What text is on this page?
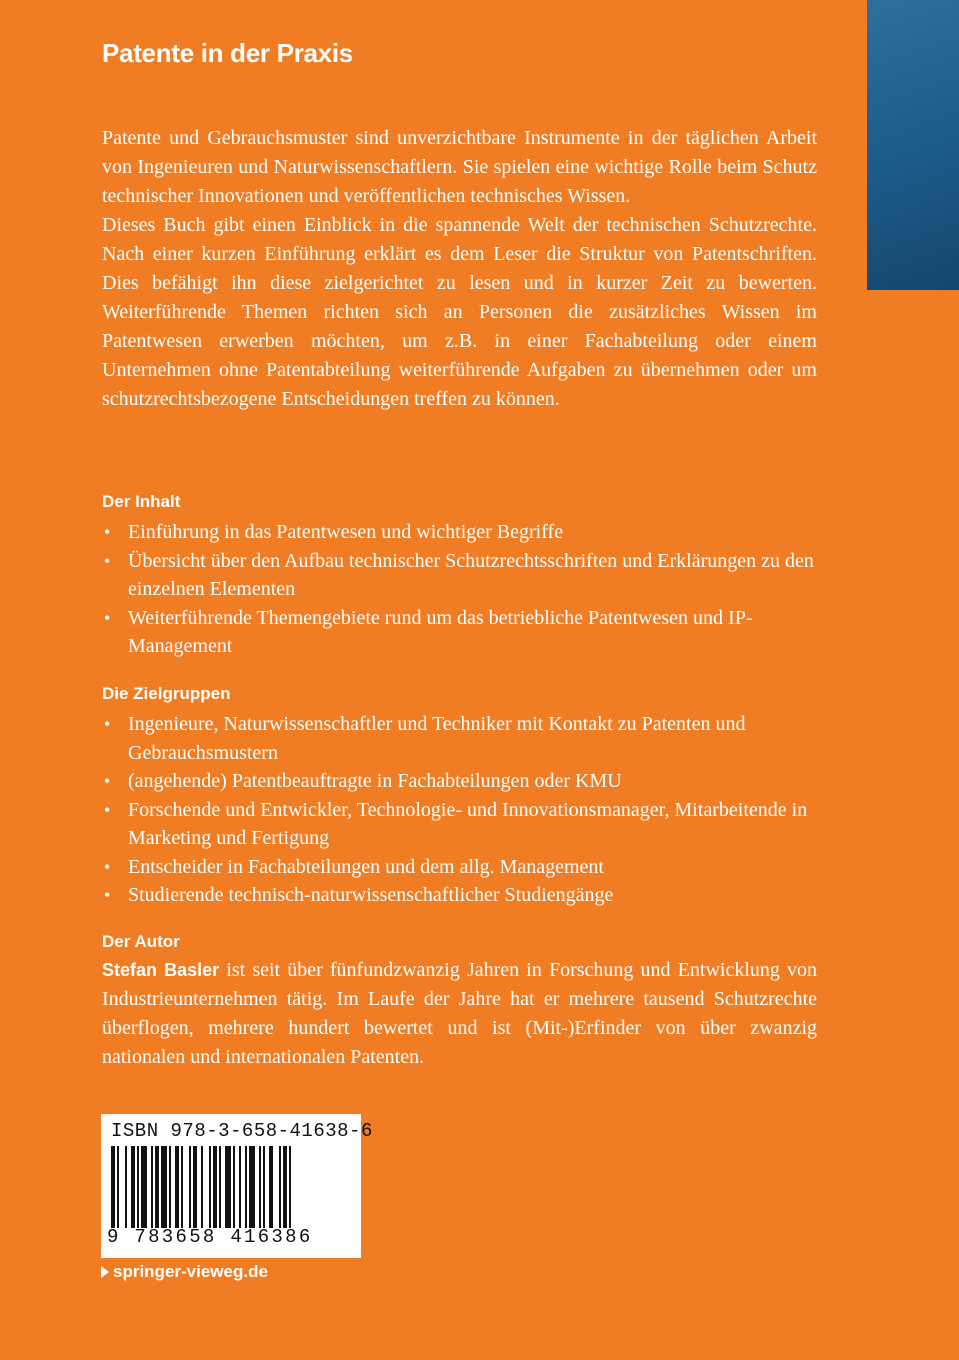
Patente in der Praxis

Patente und Gebrauchsmuster sind unverzichtbare Instrumente in der täglichen Arbeit von Ingenieuren und Naturwissenschaftlern. Sie spielen eine wichtige Rolle beim Schutz technischer Innovationen und veröffentlichen technisches Wissen.

Dieses Buch gibt einen Einblick in die spannende Welt der technischen Schutzrechte. Nach einer kurzen Einführung erklärt es dem Leser die Struktur von Patentschriften. Dies befähigt ihn diese zielgerichtet zu lesen und in kurzer Zeit zu bewerten. Weiterführende Themen richten sich an Personen die zusätzliches Wissen im Patentwesen erwerben möchten, um z.B. in einer Fachabteilung oder einem Unternehmen ohne Patentabteilung weiterführende Aufgaben zu übernehmen oder um schutzrechtsbezogene Entscheidungen treffen zu können.

Der Inhalt
• Einführung in das Patentwesen und wichtiger Begriffe
• Übersicht über den Aufbau technischer Schutzrechtsschriften und Erklärungen zu den einzelnen Elementen
• Weiterführende Themengebiete rund um das betriebliche Patentwesen und IP-Management
Die Zielgruppen
• Ingenieure, Naturwissenschaftler und Techniker mit Kontakt zu Patenten und Gebrauchsmustern
• (angehende) Patentbeauftragte in Fachabteilungen oder KMU
• Forschende und Entwickler, Technologie- und Innovationsmanager, Mitarbeitende in Marketing und Fertigung
• Entscheider in Fachabteilungen und dem allg. Management
• Studierende technisch-naturwissenschaftlicher Studiengänge
Der Autor

Stefan Basler ist seit über fünfundzwanzig Jahren in Forschung und Entwicklung von Industrieunternehmen tätig. Im Laufe der Jahre hat er mehrere tausend Schutzrechte überflogen, mehrere hundert bewertet und ist (Mit-)Erfinder von über zwanzig nationalen und internationalen Patenten.

ISBN 978-3-658-41638-6

9 783658 416386
springer-vieweg.de
